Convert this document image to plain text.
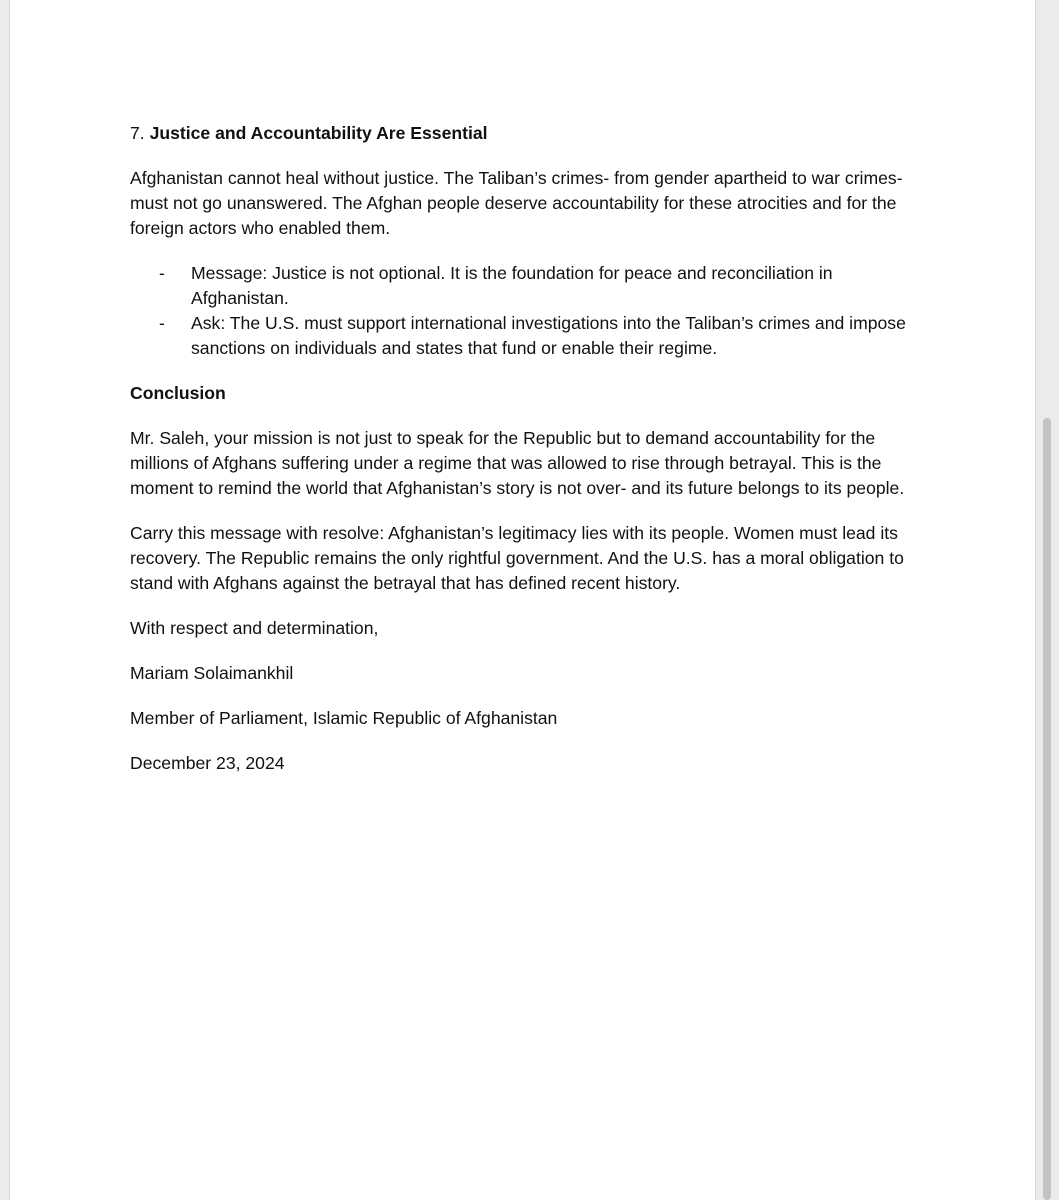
7. Justice and Accountability Are Essential

Afghanistan cannot heal without justice. The Taliban’s crimes- from gender apartheid to war crimes- must not go unanswered. The Afghan people deserve accountability for these atrocities and for the foreign actors who enabled them.

- Message: Justice is not optional. It is the foundation for peace and reconciliation in Afghanistan.
- Ask: The U.S. must support international investigations into the Taliban’s crimes and impose sanctions on individuals and states that fund or enable their regime.

Conclusion

Mr. Saleh, your mission is not just to speak for the Republic but to demand accountability for the millions of Afghans suffering under a regime that was allowed to rise through betrayal. This is the moment to remind the world that Afghanistan’s story is not over- and its future belongs to its people.

Carry this message with resolve: Afghanistan’s legitimacy lies with its people. Women must lead its recovery. The Republic remains the only rightful government. And the U.S. has a moral obligation to stand with Afghans against the betrayal that has defined recent history.

With respect and determination,

Mariam Solaimankhil

Member of Parliament, Islamic Republic of Afghanistan

December 23, 2024
